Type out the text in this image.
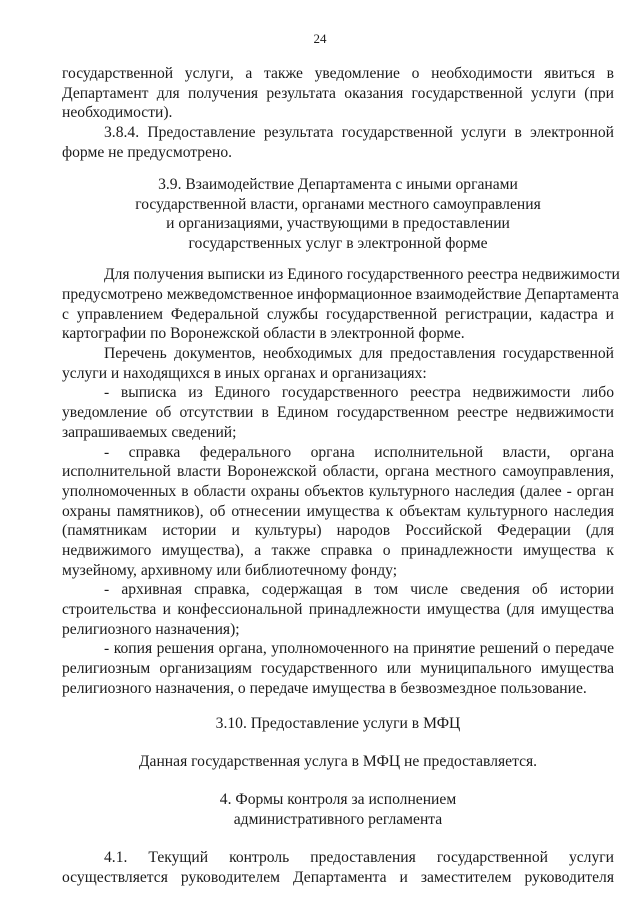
24
государственной услуги, а также уведомление о необходимости явиться в
Департамент для получения результата оказания государственной услуги (при
необходимости).
3.8.4. Предоставление результата государственной услуги в электронной
форме не предусмотрено.
3.9. Взаимодействие Департамента с иными органами
государственной власти, органами местного самоуправления
и организациями, участвующими в предоставлении
государственных услуг в электронной форме
Для получения выписки из Единого государственного реестра недвижимости
предусмотрено межведомственное информационное взаимодействие Департамента
с управлением Федеральной службы государственной регистрации, кадастра и
картографии по Воронежской области в электронной форме.
Перечень документов, необходимых для предоставления государственной
услуги и находящихся в иных органах и организациях:
- выписка из Единого государственного реестра недвижимости либо
уведомление об отсутствии в Едином государственном реестре недвижимости
запрашиваемых сведений;
- справка федерального органа исполнительной власти, органа
исполнительной власти Воронежской области, органа местного самоуправления,
уполномоченных в области охраны объектов культурного наследия (далее - орган
охраны памятников), об отнесении имущества к объектам культурного наследия
(памятникам истории и культуры) народов Российской Федерации (для
недвижимого имущества), а также справка о принадлежности имущества к
музейному, архивному или библиотечному фонду;
- архивная справка, содержащая в том числе сведения об истории
строительства и конфессиональной принадлежности имущества (для имущества
религиозного назначения);
- копия решения органа, уполномоченного на принятие решений о передаче
религиозным организациям государственного или муниципального имущества
религиозного назначения, о передаче имущества в безвозмездное пользование.
3.10. Предоставление услуги в МФЦ
Данная государственная услуга в МФЦ не предоставляется.
4. Формы контроля за исполнением
административного регламента
4.1. Текущий контроль предоставления государственной услуги
осуществляется руководителем Департамента и заместителем руководителя
